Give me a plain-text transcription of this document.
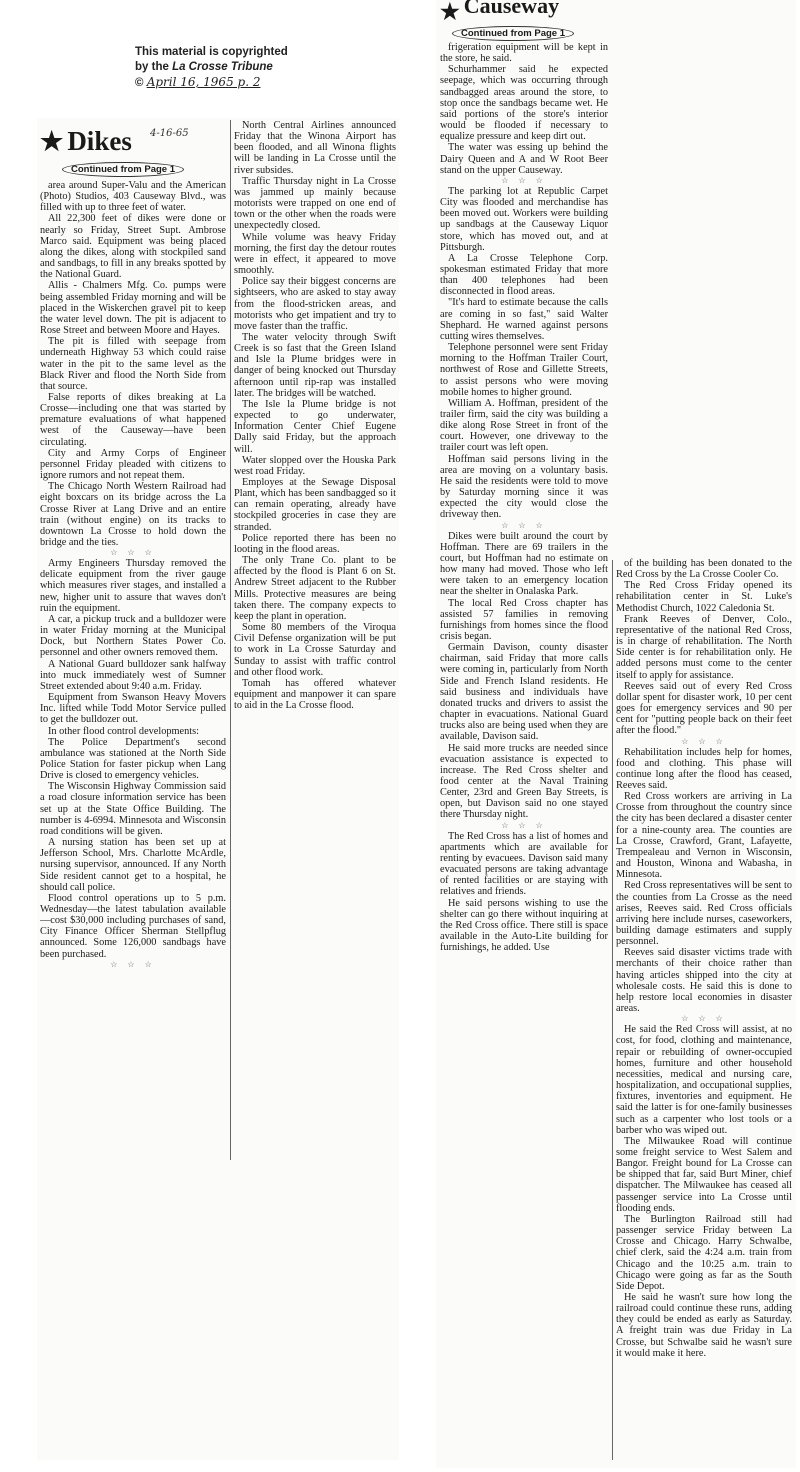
This material is copyrighted
by the La Crosse Tribune
© April 16, 1965 p. 2
★ Dikes 4-16-65
Continued from Page 1

area around Super-Valu and the American (Photo) Studios, 403 Causeway Blvd., was filled with up to three feet of water.

All 22,300 feet of dikes were done or nearly so Friday, Street Supt. Ambrose Marco said. Equipment was being placed along the dikes, along with stockpiled sand and sandbags, to fill in any breaks spotted by the National Guard.

Allis - Chalmers Mfg. Co. pumps were being assembled Friday morning and will be placed in the Wiskerchen gravel pit to keep the water level down. The pit is adjacent to Rose Street and between Moore and Hayes.

The pit is filled with seepage from underneath Highway 53 which could raise water in the pit to the same level as the Black River and flood the North Side from that source.

False reports of dikes breaking at La Crosse—including one that was started by premature evaluations of what happened west of the Causeway—have been circulating.

City and Army Corps of Engineer personnel Friday pleaded with citizens to ignore rumors and not repeat them.

The Chicago North Western Railroad had eight boxcars on its bridge across the La Crosse River at Lang Drive and an entire train (without engine) on its tracks to downtown La Crosse to hold down the bridge and the ties.

☆ ☆ ☆

Army Engineers Thursday removed the delicate equipment from the river gauge which measures river stages, and installed a new, higher unit to assure that waves don't ruin the equipment.

A car, a pickup truck and a bulldozer were in water Friday morning at the Municipal Dock, but Northern States Power Co. personnel and other owners removed them.

A National Guard bulldozer sank halfway into muck immediately west of Sumner Street extended about 9:40 a.m. Friday.

Equipment from Swanson Heavy Movers Inc. lifted while Todd Motor Service pulled to get the bulldozer out.

In other flood control developments:

The Police Department's second ambulance was stationed at the North Side Police Station for faster pickup when Lang Drive is closed to emergency vehicles.

The Wisconsin Highway Commission said a road closure information service has been set up at the State Office Building. The number is 4-6994. Minnesota and Wisconsin road conditions will be given.

A nursing station has been set up at Jefferson School, Mrs. Charlotte McArdle, nursing supervisor, announced. If any North Side resident cannot get to a hospital, he should call police.

Flood control operations up to 5 p.m. Wednesday—the latest tabulation available—cost $30,000 including purchases of sand, City Finance Officer Sherman Stellpflug announced. Some 126,000 sandbags have been purchased.

☆ ☆ ☆

North Central Airlines announced Friday that the Winona Airport has been flooded, and all Winona flights will be landing in La Crosse until the river subsides.

Traffic Thursday night in La Crosse was jammed up mainly because motorists were trapped on one end of town or the other when the roads were unexpectedly closed.

While volume was heavy Friday morning, the first day the detour routes were in effect, it appeared to move smoothly.

Police say their biggest concerns are sightseers, who are asked to stay away from the flood-stricken areas, and motorists who get impatient and try to move faster than the traffic.

The water velocity through Swift Creek is so fast that the Green Island and Isle la Plume bridges were in danger of being knocked out Thursday afternoon until rip-rap was installed later. The bridges will be watched.

The Isle la Plume bridge is not expected to go underwater, Information Center Chief Eugene Dally said Friday, but the approach will.

Water slopped over the Houska Park west road Friday.

Employes at the Sewage Disposal Plant, which has been sandbagged so it can remain operating, already have stockpiled groceries in case they are stranded.

Police reported there has been no looting in the flood areas.

The only Trane Co. plant to be affected by the flood is Plant 6 on St. Andrew Street adjacent to the Rubber Mills. Protective measures are being taken there. The company expects to keep the plant in operation.

Some 80 members of the Viroqua Civil Defense organization will be put to work in La Crosse Saturday and Sunday to assist with traffic control and other flood work.

Tomah has offered whatever equipment and manpower it can spare to aid in the La Crosse flood.

★ Causeway
Continued from Page 1

frigeration equipment will be kept in the store, he said.

Schurhammer said he expected seepage, which was occurring through sandbagged areas around the store, to stop once the sandbags became wet. He said portions of the store's interior would be flooded if necessary to equalize pressure and keep dirt out.

The water was essing up behind the Dairy Queen and A and W Root Beer stand on the upper Causeway.

☆ ☆ ☆

The parking lot at Republic Carpet City was flooded and merchandise has been moved out. Workers were building up sandbags at the Causeway Liquor store, which has moved out, and at Pittsburgh.

A La Crosse Telephone Corp. spokesman estimated Friday that more than 400 telephones had been disconnected in flood areas.

"It's hard to estimate because the calls are coming in so fast," said Walter Shephard. He warned against persons cutting wires themselves.

Telephone personnel were sent Friday morning to the Hoffman Trailer Court, northwest of Rose and Gillette Streets, to assist persons who were moving mobile homes to higher ground.

William A. Hoffman, president of the trailer firm, said the city was building a dike along Rose Street in front of the court. However, one driveway to the trailer court was left open.

Hoffman said persons living in the area are moving on a voluntary basis. He said the residents were told to move by Saturday morning since it was expected the city would close the driveway then.

☆ ☆ ☆

Dikes were built around the court by Hoffman. There are 69 trailers in the court, but Hoffman had no estimate on how many had moved. Those who left were taken to an emergency location near the shelter in Onalaska Park.

The local Red Cross chapter has assisted 57 families in removing furnishings from homes since the flood crisis began.

Germain Davison, county disaster chairman, said Friday that more calls were coming in, particularly from North Side and French Island residents. He said business and individuals have donated trucks and drivers to assist the chapter in evacuations. National Guard trucks also are being used when they are available, Davison said.

He said more trucks are needed since evacuation assistance is expected to increase. The Red Cross shelter and food center at the Naval Training Center, 23rd and Green Bay Streets, is open, but Davison said no one stayed there Thursday night.

☆ ☆ ☆

The Red Cross has a list of homes and apartments which are available for renting by evacuees. Davison said many evacuated persons are taking advantage of rented facilities or are staying with relatives and friends.

He said persons wishing to use the shelter can go there without inquiring at the Red Cross office. There still is space available in the Auto-Lite building for furnishings, he added. Use

of the building has been donated to the Red Cross by the La Crosse Cooler Co.

The Red Cross Friday opened its rehabilitation center in St. Luke's Methodist Church, 1022 Caledonia St.

Frank Reeves of Denver, Colo., representative of the national Red Cross, is in charge of rehabilitation. The North Side center is for rehabilitation only. He added persons must come to the center itself to apply for assistance.

Reeves said out of every Red Cross dollar spent for disaster work, 10 per cent goes for emergency services and 90 per cent for "putting people back on their feet after the flood."

☆ ☆ ☆

Rehabilitation includes help for homes, food and clothing. This phase will continue long after the flood has ceased, Reeves said.

Red Cross workers are arriving in La Crosse from throughout the country since the city has been declared a disaster center for a nine-county area. The counties are La Crosse, Crawford, Grant, Lafayette, Trempealeau and Vernon in Wisconsin, and Houston, Winona and Wabasha, in Minnesota.

Red Cross representatives will be sent to the counties from La Crosse as the need arises, Reeves said. Red Cross officials arriving here include nurses, caseworkers, building damage estimaters and supply personnel.

Reeves said disaster victims trade with merchants of their choice rather than having articles shipped into the city at wholesale costs. He said this is done to help restore local economies in disaster areas.

☆ ☆ ☆

He said the Red Cross will assist, at no cost, for food, clothing and maintenance, repair or rebuilding of owner-occupied homes, furniture and other household necessities, medical and nursing care, hospitalization, and occupational supplies, fixtures, inventories and equipment. He said the latter is for one-family businesses such as a carpenter who lost tools or a barber who was wiped out.

The Milwaukee Road will continue some freight service to West Salem and Bangor. Freight bound for La Crosse can be shipped that far, said Burt Miner, chief dispatcher. The Milwaukee has ceased all passenger service into La Crosse until flooding ends.

The Burlington Railroad still had passenger service Friday between La Crosse and Chicago. Harry Schwalbe, chief clerk, said the 4:24 a.m. train from Chicago and the 10:25 a.m. train to Chicago were going as far as the South Side Depot.

He said he wasn't sure how long the railroad could continue these runs, adding they could be ended as early as Saturday. A freight train was due Friday in La Crosse, but Schwalbe said he wasn't sure it would make it here.
